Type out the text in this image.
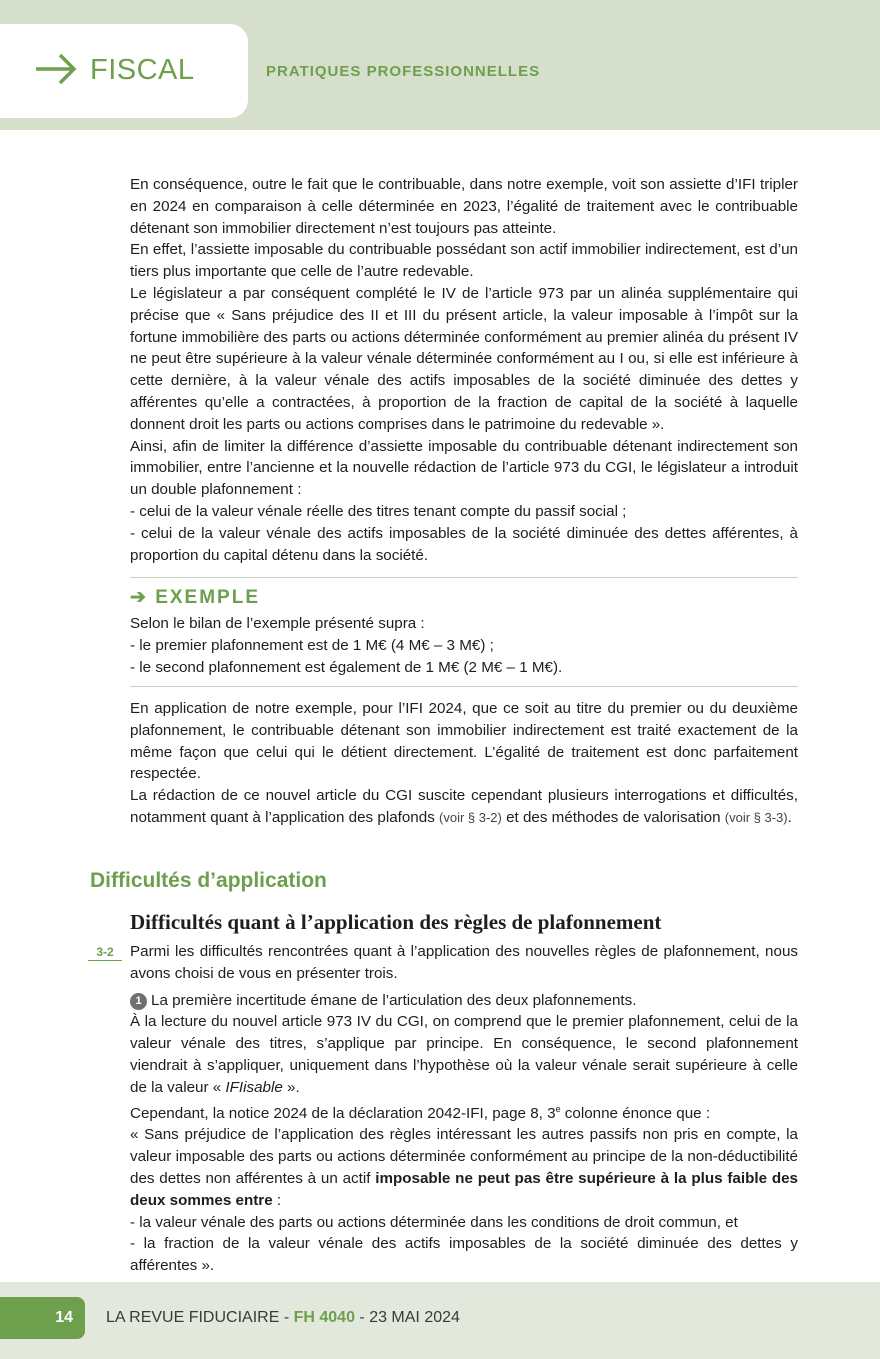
FISCAL	PRATIQUES PROFESSIONNELLES

En conséquence, outre le fait que le contribuable, dans notre exemple, voit son assiette d’IFI tripler en 2024 en comparaison à celle déterminée en 2023, l’égalité de traitement avec le contribuable détenant son immobilier directement n’est toujours pas atteinte.

En effet, l’assiette imposable du contribuable possédant son actif immobilier indirectement, est d’un tiers plus importante que celle de l’autre redevable.

Le législateur a par conséquent complété le IV de l’article 973 par un alinéa supplémentaire qui précise que « Sans préjudice des II et III du présent article, la valeur imposable à l’impôt sur la fortune immobilière des parts ou actions déterminée conformément au premier alinéa du présent IV ne peut être supérieure à la valeur vénale déterminée conformément au I ou, si elle est inférieure à cette dernière, à la valeur vénale des actifs imposables de la société diminuée des dettes y afférentes qu’elle a contractées, à proportion de la fraction de capital de la société à laquelle donnent droit les parts ou actions comprises dans le patrimoine du redevable ».

Ainsi, afin de limiter la différence d’assiette imposable du contribuable détenant indirectement son immobilier, entre l’ancienne et la nouvelle rédaction de l’article 973 du CGI, le législateur a introduit un double plafonnement :

- celui de la valeur vénale réelle des titres tenant compte du passif social ;

- celui de la valeur vénale des actifs imposables de la société diminuée des dettes afférentes, à proportion du capital détenu dans la société.

➔ EXEMPLE

Selon le bilan de l’exemple présenté supra :

- le premier plafonnement est de 1 M€ (4 M€ – 3 M€) ;

- le second plafonnement est également de 1 M€ (2 M€ – 1 M€).

En application de notre exemple, pour l’IFI 2024, que ce soit au titre du premier ou du deuxième plafonnement, le contribuable détenant son immobilier indirectement est traité exactement de la même façon que celui qui le détient directement. L’égalité de traitement est donc parfaitement respectée.

La rédaction de ce nouvel article du CGI suscite cependant plusieurs interrogations et difficultés, notamment quant à l’application des plafonds (voir § 3-2) et des méthodes de valorisation (voir § 3-3).

Difficultés d’application
Difficultés quant à l’application des règles de plafonnement
3-2	Parmi les difficultés rencontrées quant à l’application des nouvelles règles de plafonnement, nous avons choisi de vous en présenter trois.

1 La première incertitude émane de l’articulation des deux plafonnements.

À la lecture du nouvel article 973 IV du CGI, on comprend que le premier plafonnement, celui de la valeur vénale des titres, s’applique par principe. En conséquence, le second plafonnement viendrait à s’appliquer, uniquement dans l’hypothèse où la valeur vénale serait supérieure à celle de la valeur « IFIisable ».

Cependant, la notice 2024 de la déclaration 2042-IFI, page 8, 3e colonne énonce que :

« Sans préjudice de l’application des règles intéressant les autres passifs non pris en compte, la valeur imposable des parts ou actions déterminée conformément au principe de la non-déductibilité des dettes non afférentes à un actif imposable ne peut pas être supérieure à la plus faible des deux sommes entre :

- la valeur vénale des parts ou actions déterminée dans les conditions de droit commun, et

- la fraction de la valeur vénale des actifs imposables de la société diminuée des dettes y afférentes ».

14	LA REVUE FIDUCIAIRE - FH 4040 - 23 MAI 2024
